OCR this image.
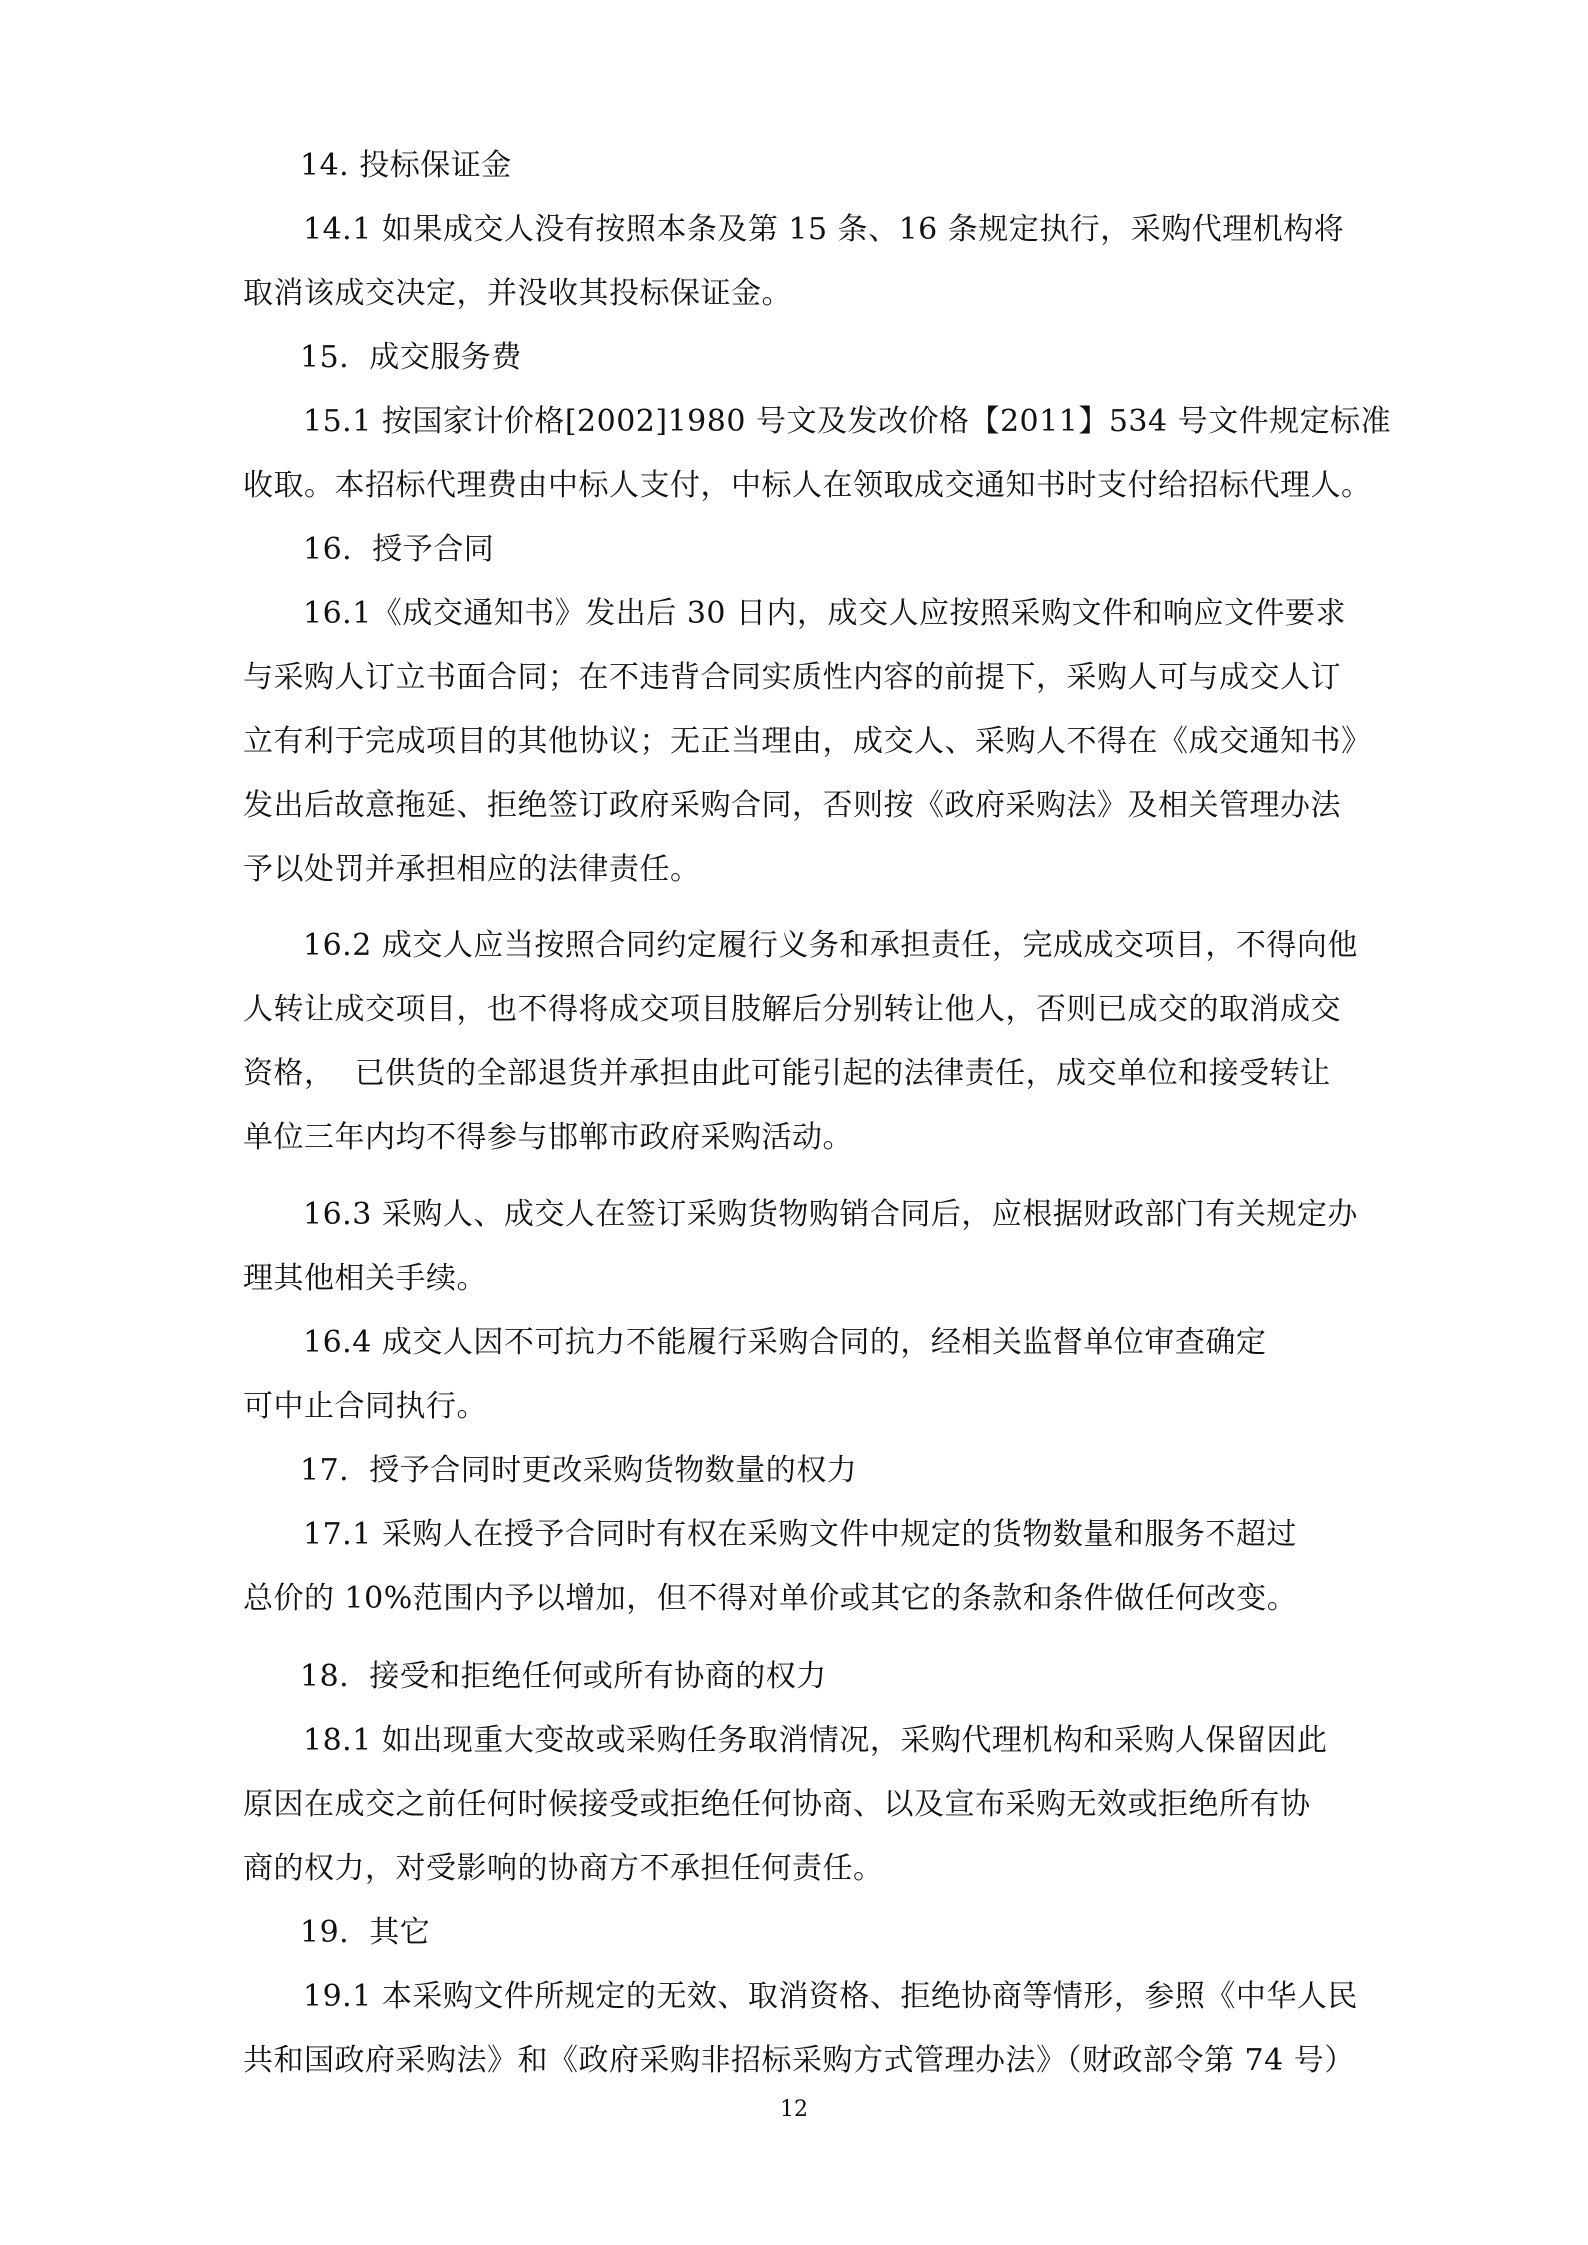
14. 投标保证金
14.1 如果成交人没有按照本条及第 15 条、16 条规定执行，采购代理机构将
取消该成交决定，并没收其投标保证金。
15.  成交服务费
15.1 按国家计价格[2002]1980 号文及发改价格【2011】534 号文件规定标准
收取。本招标代理费由中标人支付，中标人在领取成交通知书时支付给招标代理人。
16.  授予合同
16.1《成交通知书》发出后 30 日内，成交人应按照采购文件和响应文件要求
与采购人订立书面合同；在不违背合同实质性内容的前提下，采购人可与成交人订
立有利于完成项目的其他协议；无正当理由，成交人、采购人不得在《成交通知书》
发出后故意拖延、拒绝签订政府采购合同，否则按《政府采购法》及相关管理办法
予以处罚并承担相应的法律责任。
16.2 成交人应当按照合同约定履行义务和承担责任，完成成交项目，不得向他
人转让成交项目，也不得将成交项目肢解后分别转让他人，否则已成交的取消成交
资格，  已供货的全部退货并承担由此可能引起的法律责任，成交单位和接受转让
单位三年内均不得参与邯郸市政府采购活动。
16.3 采购人、成交人在签订采购货物购销合同后，应根据财政部门有关规定办
理其他相关手续。
16.4 成交人因不可抗力不能履行采购合同的，经相关监督单位审查确定
可中止合同执行。
17.  授予合同时更改采购货物数量的权力
17.1 采购人在授予合同时有权在采购文件中规定的货物数量和服务不超过
总价的 10%范围内予以增加，但不得对单价或其它的条款和条件做任何改变。
18.  接受和拒绝任何或所有协商的权力
18.1 如出现重大变故或采购任务取消情况，采购代理机构和采购人保留因此
原因在成交之前任何时候接受或拒绝任何协商、以及宣布采购无效或拒绝所有协
商的权力，对受影响的协商方不承担任何责任。
19.  其它
19.1 本采购文件所规定的无效、取消资格、拒绝协商等情形，参照《中华人民
共和国政府采购法》和《政府采购非招标采购方式管理办法》（财政部令第 74 号）
12
